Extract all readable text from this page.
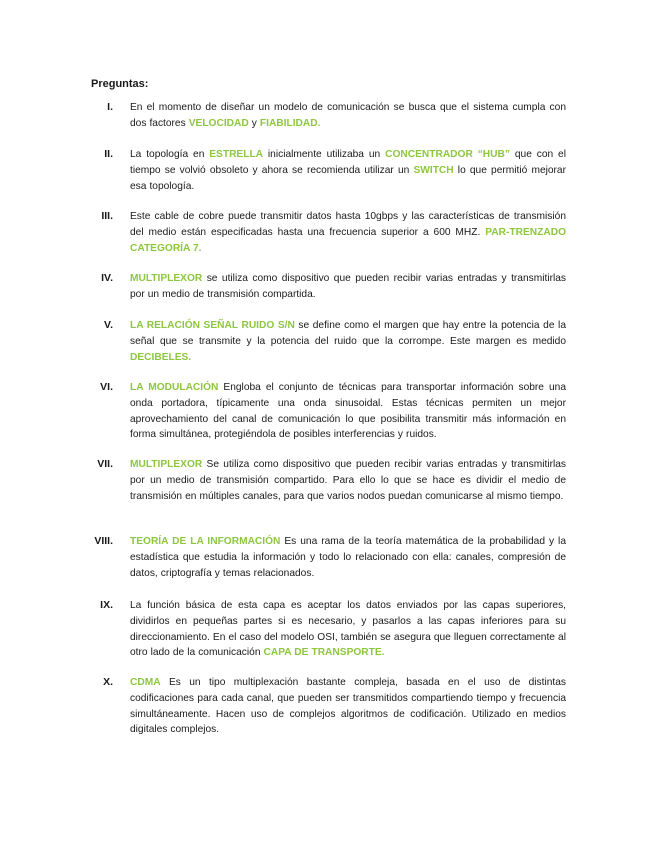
Preguntas:
I. En el momento de diseñar un modelo de comunicación se busca que el sistema cumpla con dos factores VELOCIDAD y FIABILIDAD.
II. La topología en ESTRELLA inicialmente utilizaba un CONCENTRADOR “HUB” que con el tiempo se volvió obsoleto y ahora se recomienda utilizar un SWITCH lo que permitió mejorar esa topología.
III. Este cable de cobre puede transmitir datos hasta 10gbps y las características de transmisión del medio están especificadas hasta una frecuencia superior a 600 MHZ. PAR-TRENZADO CATEGORÍA 7.
IV. MULTIPLEXOR se utiliza como dispositivo que pueden recibir varias entradas y transmitirlas por un medio de transmisión compartida.
V. LA RELACIÓN SEÑAL RUIDO S/N se define como el margen que hay entre la potencia de la señal que se transmite y la potencia del ruido que la corrompe. Este margen es medido DECIBELES.
VI. LA MODULACIÓN Engloba el conjunto de técnicas para transportar información sobre una onda portadora, típicamente una onda sinusoidal. Estas técnicas permiten un mejor aprovechamiento del canal de comunicación lo que posibilita transmitir más información en forma simultánea, protegiéndola de posibles interferencias y ruidos.
VII. MULTIPLEXOR Se utiliza como dispositivo que pueden recibir varias entradas y transmitirlas por un medio de transmisión compartido. Para ello lo que se hace es dividir el medio de transmisión en múltiples canales, para que varios nodos puedan comunicarse al mismo tiempo.
VIII. TEORÍA DE LA INFORMACIÓN Es una rama de la teoría matemática de la probabilidad y la estadística que estudia la información y todo lo relacionado con ella: canales, compresión de datos, criptografía y temas relacionados.
IX. La función básica de esta capa es aceptar los datos enviados por las capas superiores, dividirlos en pequeñas partes si es necesario, y pasarlos a las capas inferiores para su direccionamiento. En el caso del modelo OSI, también se asegura que lleguen correctamente al otro lado de la comunicación CAPA DE TRANSPORTE.
X. CDMA Es un tipo multiplexación bastante compleja, basada en el uso de distintas codificaciones para cada canal, que pueden ser transmitidos compartiendo tiempo y frecuencia simultáneamente. Hacen uso de complejos algoritmos de codificación. Utilizado en medios digitales complejos.
